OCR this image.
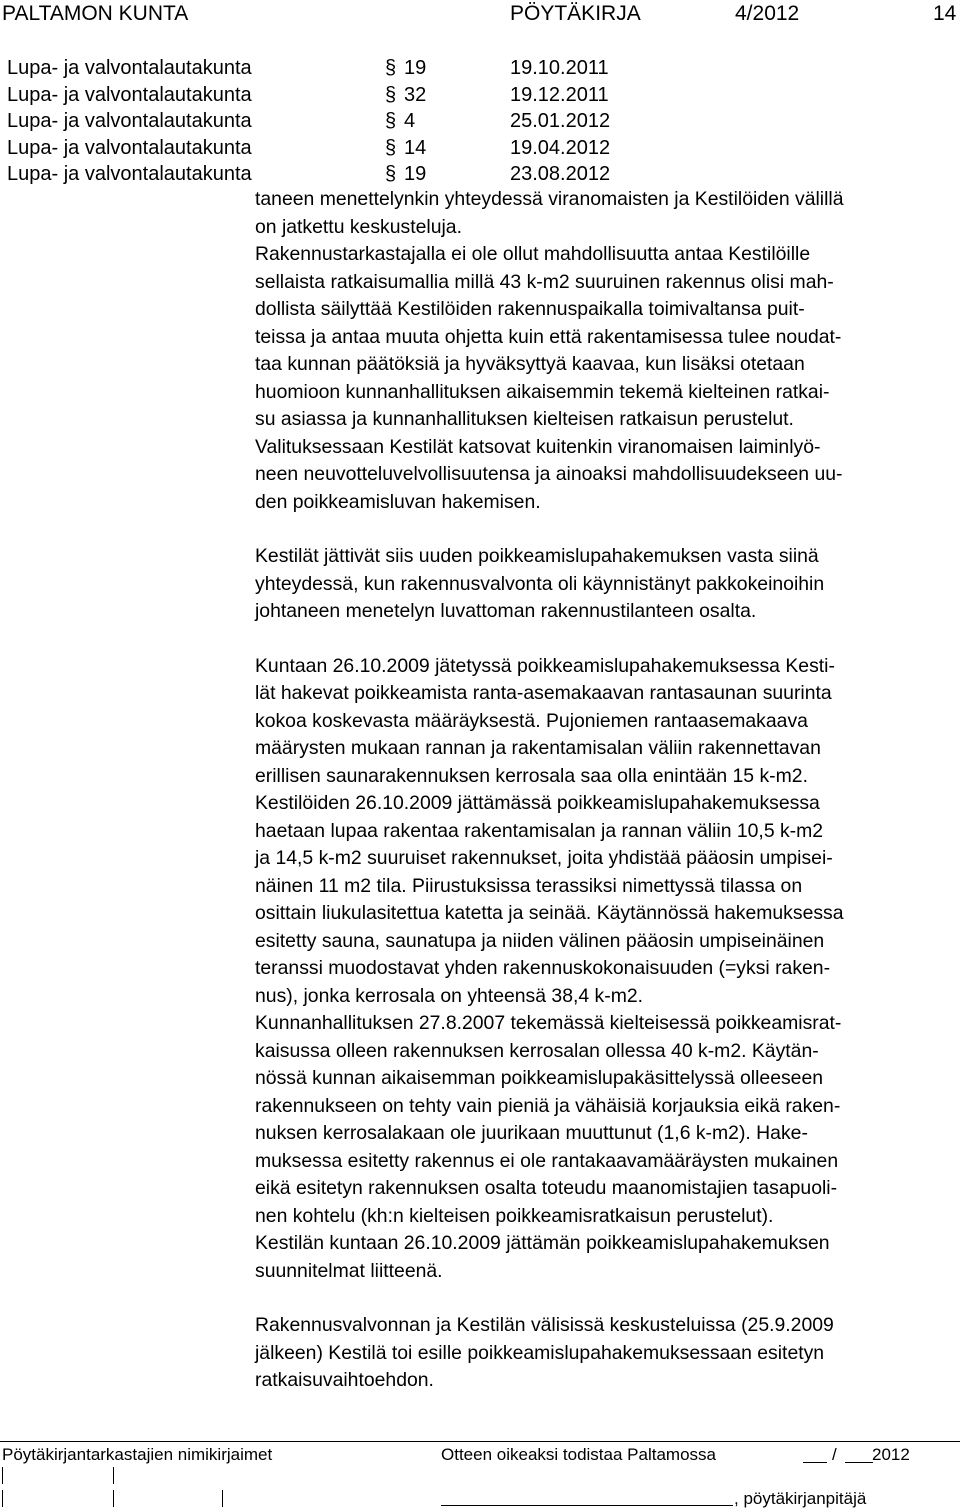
PALTAMON KUNTA	PÖYTÄKIRJA	4/2012	14
Lupa- ja valvontalautakunta	§ 19	19.10.2011
Lupa- ja valvontalautakunta	§ 32	19.12.2011
Lupa- ja valvontalautakunta	§ 4	25.01.2012
Lupa- ja valvontalautakunta	§ 14	19.04.2012
Lupa- ja valvontalautakunta	§ 19	23.08.2012

taneen menettelynkin yhteydessä viranomaisten ja Kestilöiden välillä

on jatkettu keskusteluja.

Rakennustarkastajalla ei ole ollut mahdollisuutta antaa Kestilöille

sellaista ratkaisumallia millä 43 k-m2 suuruinen rakennus olisi mah-

dollista säilyttää Kestilöiden rakennuspaikalla toimivaltansa puit-

teissa ja antaa muuta ohjetta kuin että rakentamisessa tulee noudat-

taa kunnan päätöksiä ja hyväksyttyä kaavaa, kun lisäksi otetaan

huomioon kunnanhallituksen aikaisemmin tekemä kielteinen ratkai-

su asiassa ja kunnanhallituksen kielteisen ratkaisun perustelut.

Valituksessaan Kestilät katsovat kuitenkin viranomaisen laiminlyö-

neen neuvotteluvelvollisuutensa ja ainoaksi mahdollisuudekseen uu-

den poikkeamisluvan hakemisen.

Kestilät jättivät siis uuden poikkeamislupahakemuksen vasta siinä

yhteydessä, kun rakennusvalvonta oli käynnistänyt pakkokeinoihin

johtaneen menetelyn luvattoman rakennustilanteen osalta.

Kuntaan 26.10.2009 jätetyssä poikkeamislupahakemuksessa Kesti-

lät hakevat poikkeamista ranta-asemakaavan rantasaunan suurinta

kokoa koskevasta määräyksestä. Pujoniemen rantaasemakaava

määrysten mukaan rannan ja rakentamisalan väliin rakennettavan

erillisen saunarakennuksen kerrosala saa olla enintään 15 k-m2.

Kestilöiden 26.10.2009 jättämässä poikkeamislupahakemuksessa

haetaan lupaa rakentaa rakentamisalan ja rannan väliin 10,5 k-m2

ja 14,5 k-m2 suuruiset rakennukset, joita yhdistää pääosin umpisei-

näinen 11 m2 tila. Piirustuksissa terassiksi nimettyssä tilassa on

osittain liukulasitettua katetta ja seinää. Käytännössä hakemuksessa

esitetty sauna, saunatupa ja niiden välinen pääosin umpiseinäinen

teranssi muodostavat yhden rakennuskokonaisuuden (=yksi raken-

nus), jonka kerrosala on yhteensä 38,4 k-m2.

Kunnanhallituksen 27.8.2007 tekemässä kielteisessä poikkeamisrat-

kaisussa olleen rakennuksen kerrosalan ollessa 40 k-m2. Käytän-

nössä kunnan aikaisemman poikkeamislupakäsittelyssä olleeseen

rakennukseen on tehty vain pieniä ja vähäisiä korjauksia eikä raken-

nuksen kerrosalakaan ole juurikaan muuttunut (1,6 k-m2). Hake-

muksessa esitetty rakennus ei ole rantakaavamääräysten mukainen

eikä esitetyn rakennuksen osalta toteudu maanomistajien tasapuoli-

nen kohtelu (kh:n kielteisen poikkeamisratkaisun perustelut).

Kestilän kuntaan 26.10.2009 jättämän poikkeamislupahakemuksen

suunnitelmat liitteenä.

Rakennusvalvonnan ja Kestilän välisissä keskusteluissa (25.9.2009

jälkeen) Kestilä toi esille poikkeamislupahakemuksessaan esitetyn

ratkaisuvaihtoehdon.

Pöytäkirjantarkastajien nimikirjaimet	Otteen oikeaksi todistaa Paltamossa	/ 2012
, pöytäkirjanpitäjä
